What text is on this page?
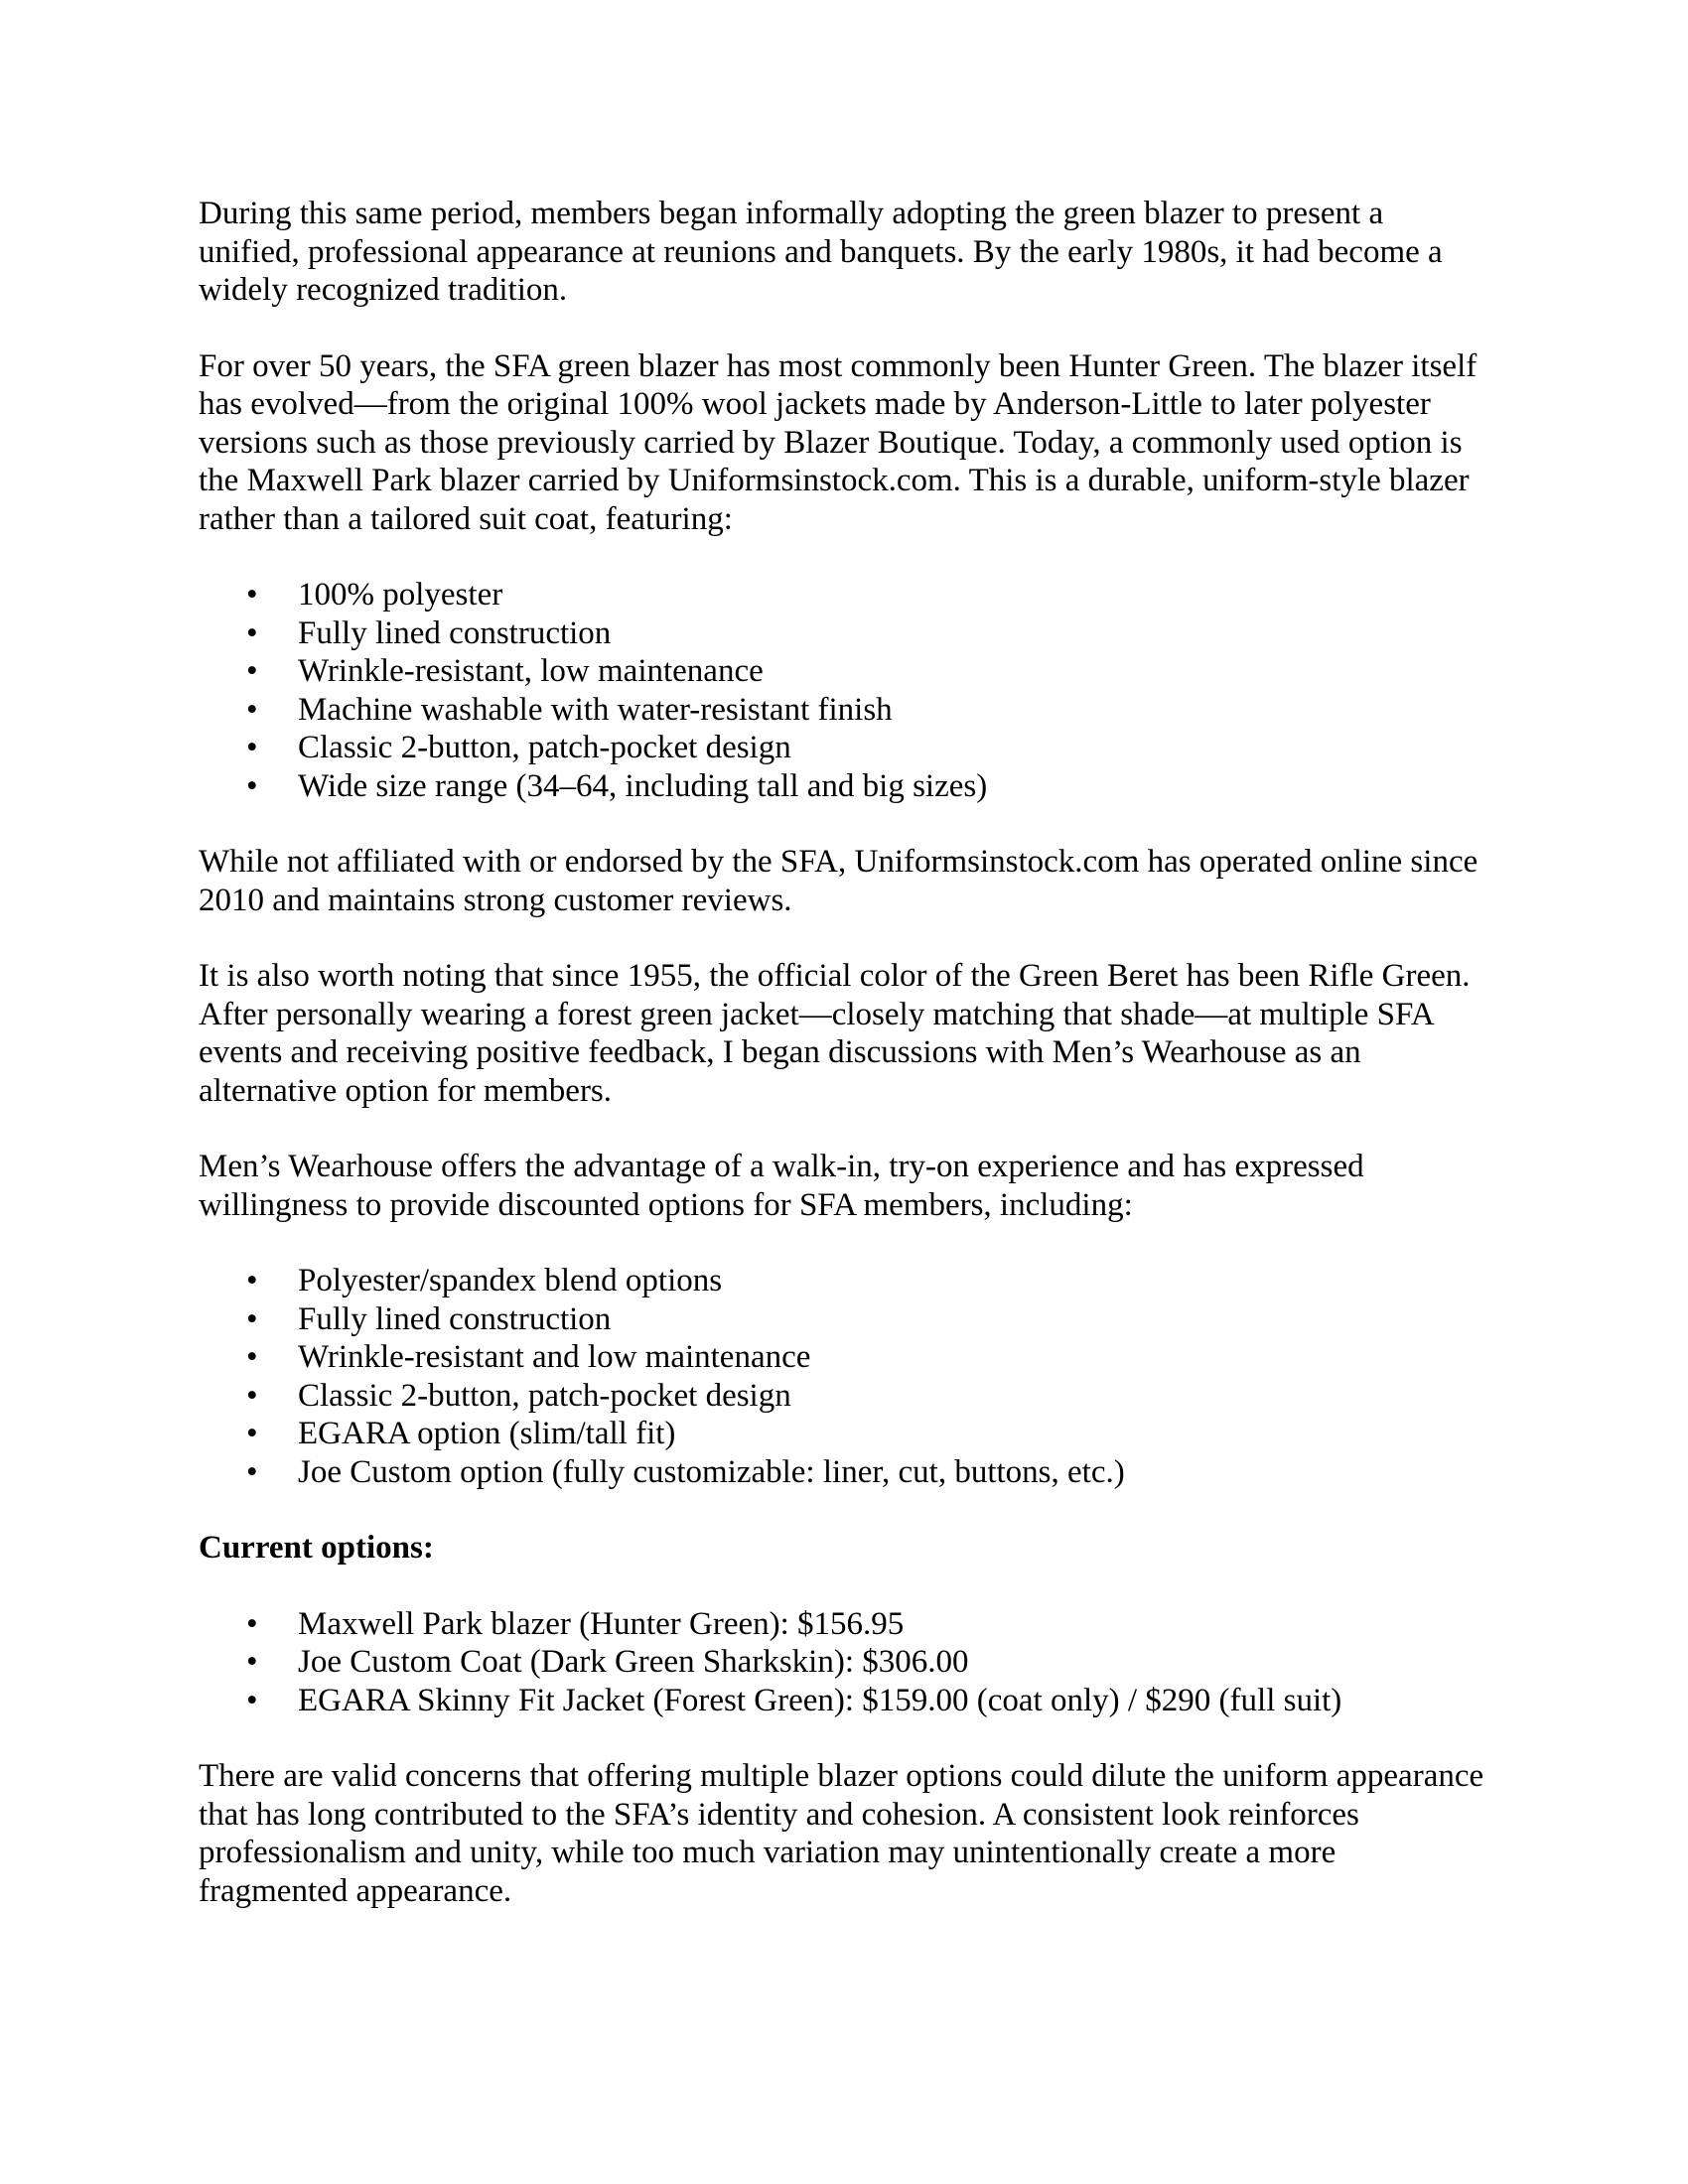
During this same period, members began informally adopting the green blazer to present a unified, professional appearance at reunions and banquets. By the early 1980s, it had become a widely recognized tradition.

For over 50 years, the SFA green blazer has most commonly been Hunter Green. The blazer itself has evolved—from the original 100% wool jackets made by Anderson-Little to later polyester versions such as those previously carried by Blazer Boutique. Today, a commonly used option is the Maxwell Park blazer carried by Uniformsinstock.com. This is a durable, uniform-style blazer rather than a tailored suit coat, featuring:

• 100% polyester
• Fully lined construction
• Wrinkle-resistant, low maintenance
• Machine washable with water-resistant finish
• Classic 2-button, patch-pocket design
• Wide size range (34–64, including tall and big sizes)

While not affiliated with or endorsed by the SFA, Uniformsinstock.com has operated online since 2010 and maintains strong customer reviews.

It is also worth noting that since 1955, the official color of the Green Beret has been Rifle Green. After personally wearing a forest green jacket—closely matching that shade—at multiple SFA events and receiving positive feedback, I began discussions with Men’s Wearhouse as an alternative option for members.

Men’s Wearhouse offers the advantage of a walk-in, try-on experience and has expressed willingness to provide discounted options for SFA members, including:

• Polyester/spandex blend options
• Fully lined construction
• Wrinkle-resistant and low maintenance
• Classic 2-button, patch-pocket design
• EGARA option (slim/tall fit)
• Joe Custom option (fully customizable: liner, cut, buttons, etc.)

Current options:

• Maxwell Park blazer (Hunter Green): $156.95
• Joe Custom Coat (Dark Green Sharkskin): $306.00
• EGARA Skinny Fit Jacket (Forest Green): $159.00 (coat only) / $290 (full suit)

There are valid concerns that offering multiple blazer options could dilute the uniform appearance that has long contributed to the SFA’s identity and cohesion. A consistent look reinforces professionalism and unity, while too much variation may unintentionally create a more fragmented appearance.
